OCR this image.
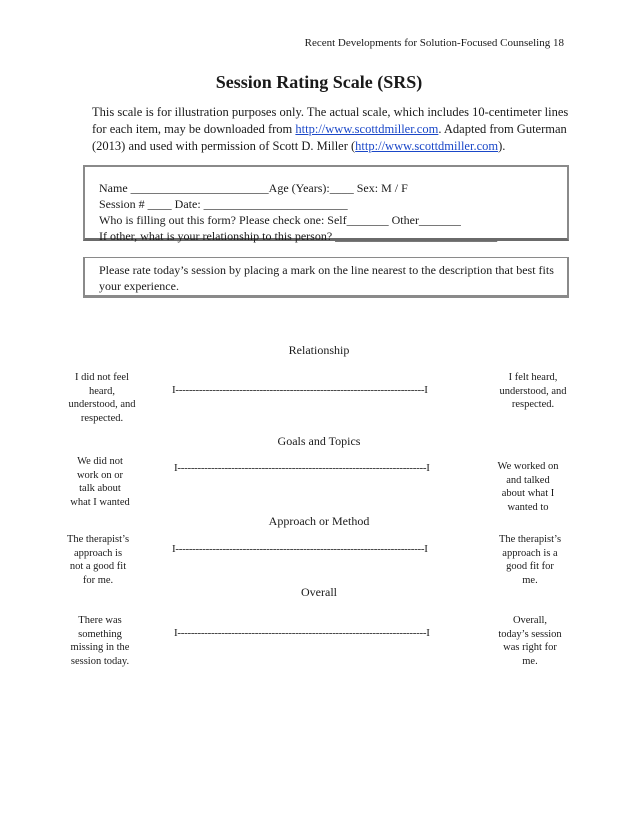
Recent Developments for Solution-Focused Counseling 18
Session Rating Scale (SRS)
This scale is for illustration purposes only. The actual scale, which includes 10-centimeter lines for each item, may be downloaded from http://www.scottdmiller.com. Adapted from Guterman (2013) and used with permission of Scott D. Miller (http://www.scottdmiller.com).
Name _______________________Age (Years):____ Sex: M / F
Session # ____ Date: ________________________
Who is filling out this form? Please check one: Self_______ Other_______
If other, what is your relationship to this person? ___________________________
Please rate today’s session by placing a mark on the line nearest to the description that best fits your experience.
Relationship
I did not feel
heard,
understood, and
respected.
I--------------------------------------------------------------------------I
I felt heard,
understood, and
respected.
Goals and Topics
We did not
work on or
talk about
what I wanted
I--------------------------------------------------------------------------I	We worked on
and talked
about what I
wanted to
Approach or Method
The therapist’s
approach is
not a good fit
for me.
I--------------------------------------------------------------------------I
The therapist’s
approach is a
good fit for
me.
Overall
There was
something
missing in the
session today.
I--------------------------------------------------------------------------I
Overall,
today’s session
was right for
me.
